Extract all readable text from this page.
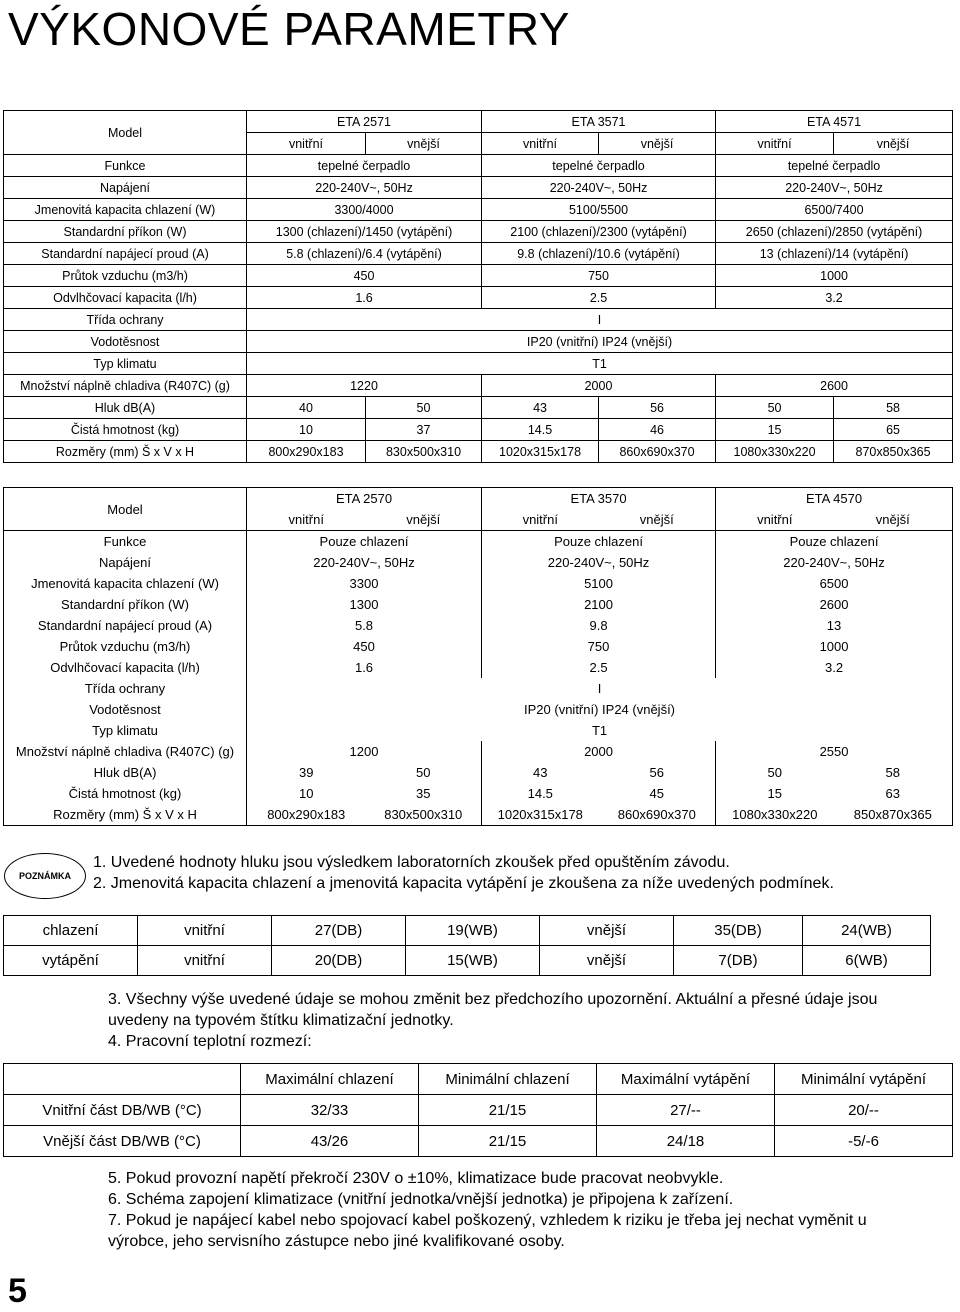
VÝKONOVÉ PARAMETRY
Model	ETA 2571		ETA 3571		ETA 4571	
	vnitřní	vnější	vnitřní	vnější	vnitřní	vnější
Funkce	tepelné čerpadlo		tepelné čerpadlo		tepelné čerpadlo	
Napájení	220-240V~, 50Hz		220-240V~, 50Hz		220-240V~, 50Hz	
Jmenovitá kapacita chlazení (W)	3300/4000		5100/5500		6500/7400	
Standardní příkon (W)	1300 (chlazení)/1450 (vytápění)		2100 (chlazení)/2300 (vytápění)		2650 (chlazení)/2850 (vytápění)	
Standardní napájecí proud (A)	5.8 (chlazení)/6.4 (vytápění)		9.8 (chlazení)/10.6 (vytápění)		13 (chlazení)/14 (vytápění)	
Průtok vzduchu (m3/h)	450		750		1000	
Odvlhčovací kapacita (l/h)	1.6		2.5		3.2	
Třída ochrany	I					
Vodotěsnost	IP20 (vnitřní) IP24 (vnější)					
Typ klimatu	T1					
Množství náplně chladiva (R407C) (g)	1220		2000		2600	
Hluk dB(A)	40	50	43	56	50	58
Čistá hmotnost (kg)	10	37	14.5	46	15	65
Rozměry (mm) Š x V x H	800x290x183	830x500x310	1020x315x178	860x690x370	1080x330x220	870x850x365
Model	ETA 2570		ETA 3570		ETA 4570	
	vnitřní	vnější	vnitřní	vnější	vnitřní	vnější
Funkce	Pouze chlazení		Pouze chlazení		Pouze chlazení	
Napájení	220-240V~, 50Hz		220-240V~, 50Hz		220-240V~, 50Hz	
Jmenovitá kapacita chlazení (W)	3300		5100		6500	
Standardní příkon (W)	1300		2100		2600	
Standardní napájecí proud (A)	5.8		9.8		13	
Průtok vzduchu (m3/h)	450		750		1000	
Odvlhčovací kapacita (l/h)	1.6		2.5		3.2	
Třída ochrany	I					
Vodotěsnost	IP20 (vnitřní) IP24 (vnější)					
Typ klimatu	T1					
Množství náplně chladiva (R407C) (g)	1200		2000		2550	
Hluk dB(A)	39	50	43	56	50	58
Čistá hmotnost (kg)	10	35	14.5	45	15	63
Rozměry (mm) Š x V x H	800x290x183	830x500x310	1020x315x178	860x690x370	1080x330x220	850x870x365
POZNÁMKA
1. Uvedené hodnoty hluku jsou výsledkem laboratorních zkoušek před opuštěním závodu.
2. Jmenovitá kapacita chlazení a jmenovitá kapacita vytápění je zkoušena za níže uvedených podmínek.
chlazení	vnitřní	27(DB)	19(WB)	vnější	35(DB)	24(WB)
vytápění	vnitřní	20(DB)	15(WB)	vnější	7(DB)	6(WB)
3. Všechny výše uvedené údaje se mohou změnit bez předchozího upozornění. Aktuální a přesné údaje jsou uvedeny na typovém štítku klimatizační jednotky.
4. Pracovní teplotní rozmezí:
	Maximální chlazení	Minimální chlazení	Maximální vytápění	Minimální vytápění
Vnitřní část DB/WB (°C)	32/33	21/15	27/--	20/--
Vnější část DB/WB (°C)	43/26	21/15	24/18	-5/-6
5. Pokud provozní napětí překročí 230V o ±10%, klimatizace bude pracovat neobvykle.
6. Schéma zapojení klimatizace (vnitřní jednotka/vnější jednotka) je připojena k zařízení.
7. Pokud je napájecí kabel nebo spojovací kabel poškozený, vzhledem k riziku je třeba jej nechat vyměnit u výrobce, jeho servisního zástupce nebo jiné kvalifikované osoby.
5
